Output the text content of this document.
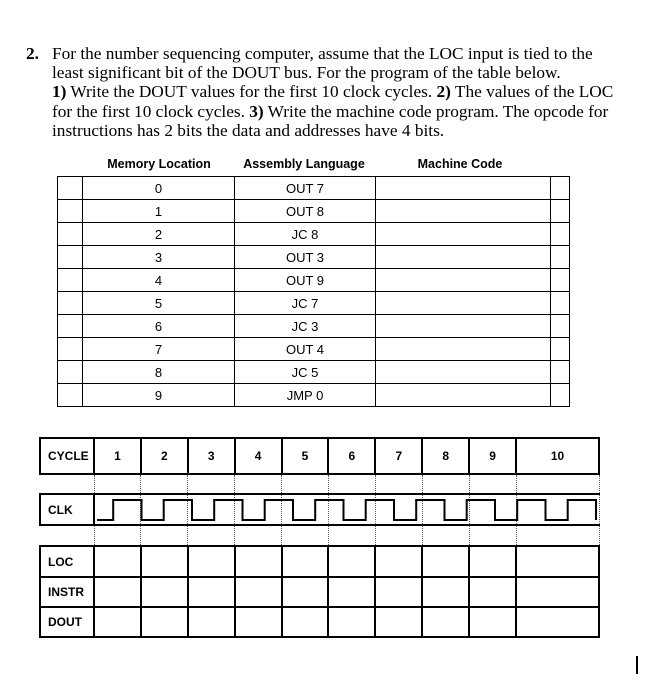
2. For the number sequencing computer, assume that the LOC input is tied to the
least significant bit of the DOUT bus. For the program of the table below.
1) Write the DOUT values for the first 10 clock cycles. 2) The values of the LOC
for the first 10 clock cycles. 3) Write the machine code program. The opcode for
instructions has 2 bits the data and addresses have 4 bits.
Memory Location	Assembly Language	Machine Code
	0	OUT 7		
	1	OUT 8		
	2	JC 8		
	3	OUT 3		
	4	OUT 9		
	5	JC 7		
	6	JC 3		
	7	OUT 4		
	8	JC 5		
	9	JMP 0		
CYCLE	1	2	3	4	5	6	7	8	9	10

CLK										

LOC										
INSTR										
DOUT										
